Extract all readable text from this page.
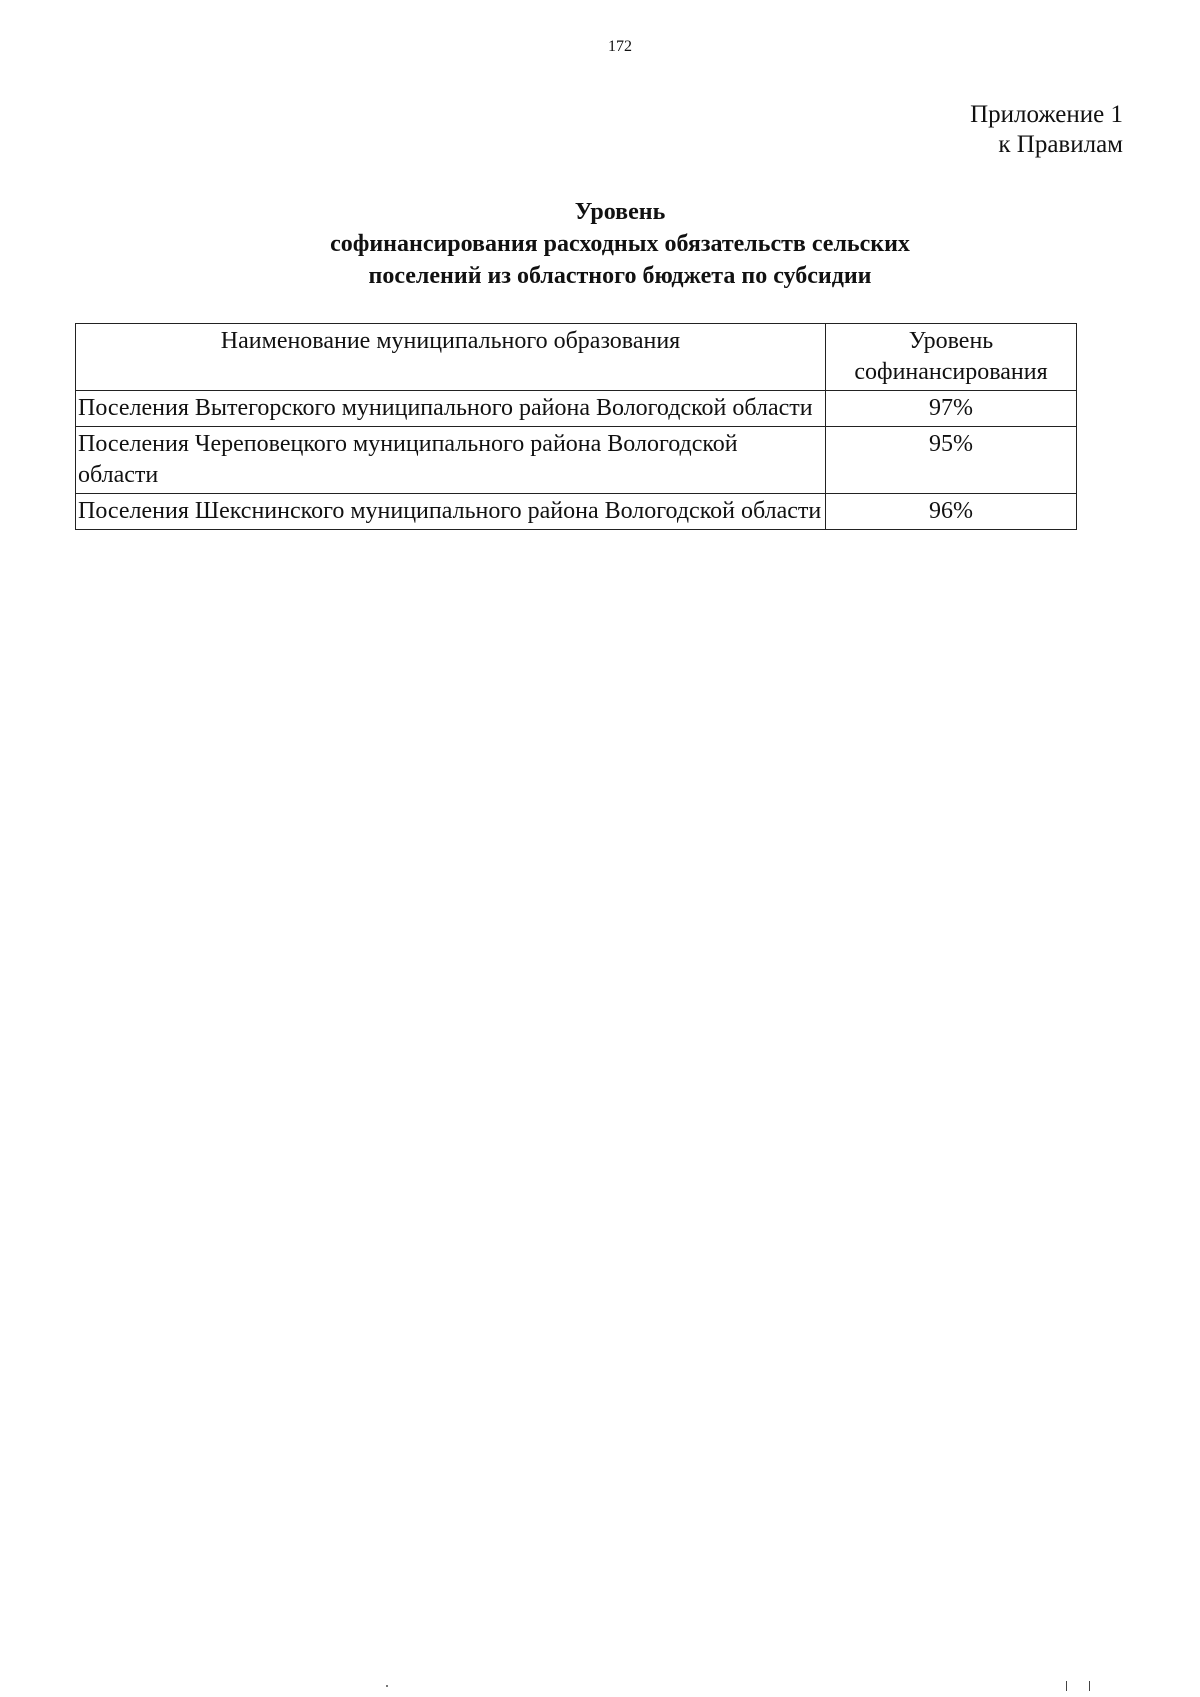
172
Приложение 1
к Правилам
Уровень
софинансирования расходных обязательств сельских
поселений из областного бюджета по субсидии
Наименование муниципального образования	Уровень софинансирования
Поселения Вытегорского муниципального района Вологодской области	97%
Поселения Череповецкого муниципального района Вологодской области	95%
Поселения Шекснинского муниципального района Вологодской области	96%
